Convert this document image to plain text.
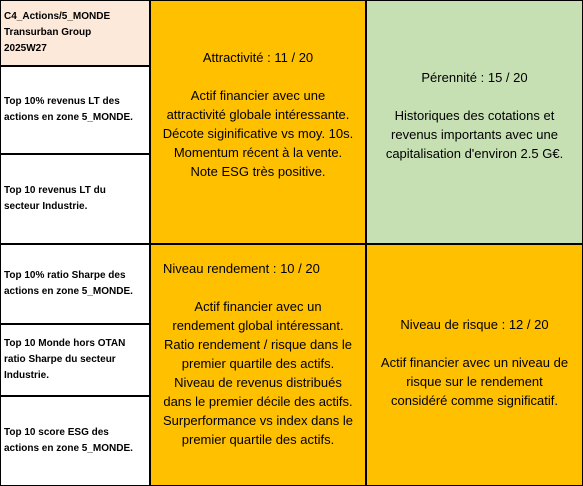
C4_Actions/5_MONDE
Transurban Group
2025W27
Top 10% revenus LT des
actions en zone 5_MONDE.
Top 10 revenus LT du
secteur Industrie.
Top 10% ratio Sharpe des
actions en zone 5_MONDE.
Top 10 Monde hors OTAN
ratio Sharpe du secteur
Industrie.
Top 10 score ESG des
actions en zone 5_MONDE.
Attractivité : 11 / 20
Actif financier avec une
attractivité globale intéressante.
Décote siginificative vs moy. 10s.
Momentum récent à la vente.
Note ESG très positive.
Pérennité : 15 / 20
Historiques des cotations et
revenus importants avec une
capitalisation d'environ 2.5 G€.
Niveau rendement : 10 / 20
Actif financier avec un
rendement global intéressant.
Ratio rendement / risque dans le
premier quartile des actifs.
Niveau de revenus distribués
dans le premier décile des actifs.
Surperformance vs index dans le
premier quartile des actifs.
Niveau de risque : 12 / 20
Actif financier avec un niveau de
risque sur le rendement
considéré comme significatif.
